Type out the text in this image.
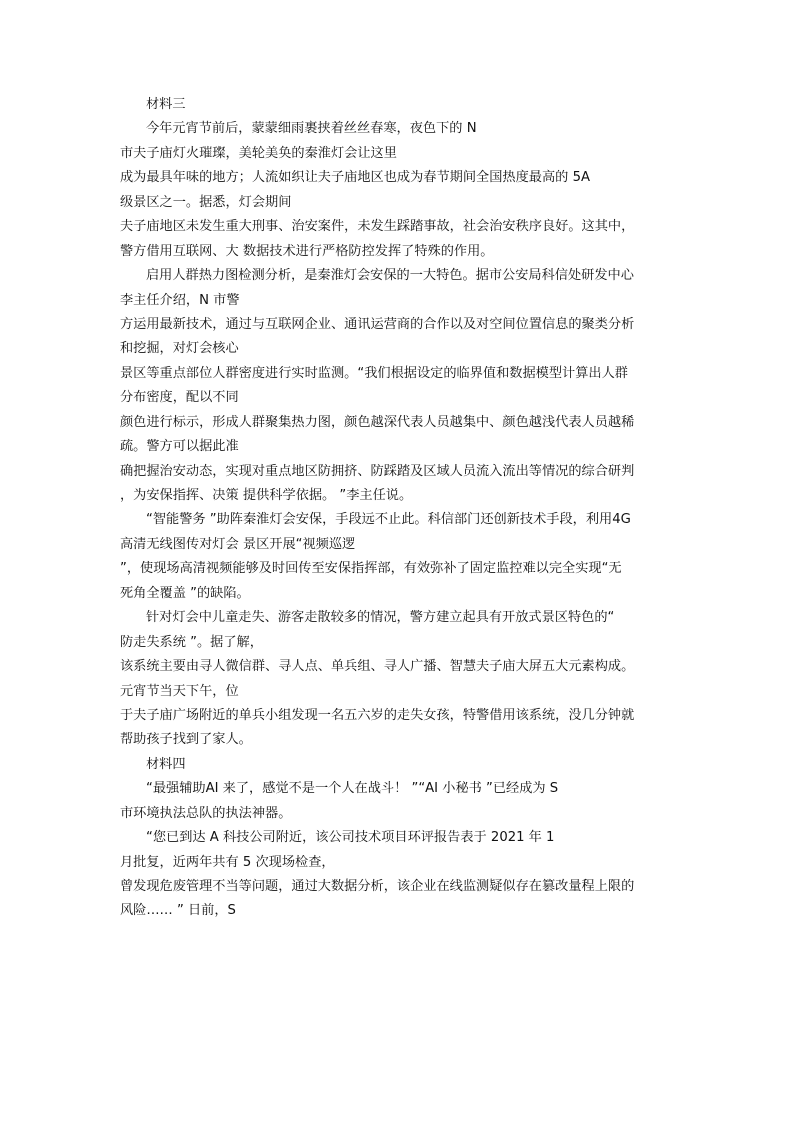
材料三
今年元宵节前后，蒙蒙细雨裹挟着丝丝春寒，夜色下的 N
市夫子庙灯火璀璨，美轮美奂的秦淮灯会让这里
成为最具年味的地方；人流如织让夫子庙地区也成为春节期间全国热度最高的 5A
级景区之一。据悉，灯会期间
夫子庙地区未发生重大刑事、治安案件，未发生踩踏事故，社会治安秩序良好。这其中，
警方借用互联网、大 数据技术进行严格防控发挥了特殊的作用。
启用人群热力图检测分析，是秦淮灯会安保的一大特色。据市公安局科信处研发中心
李主任介绍，N 市警
方运用最新技术，通过与互联网企业、通讯运营商的合作以及对空间位置信息的聚类分析
和挖掘，对灯会核心
景区等重点部位人群密度进行实时监测。“我们根据设定的临界值和数据模型计算出人群
分布密度，配以不同
颜色进行标示，形成人群聚集热力图，颜色越深代表人员越集中、颜色越浅代表人员越稀
疏。警方可以据此准
确把握治安动态，实现对重点地区防拥挤、防踩踏及区域人员流入流出等情况的综合研判
，为安保指挥、决策 提供科学依据。 ”李主任说。
“智能警务 ”助阵秦淮灯会安保，手段远不止此。科信部门还创新技术手段，利用4G
高清无线图传对灯会 景区开展“视频巡逻
”，使现场高清视频能够及时回传至安保指挥部，有效弥补了固定监控难以完全实现“无
死角全覆盖 ”的缺陷。
针对灯会中儿童走失、游客走散较多的情况，警方建立起具有开放式景区特色的“
防走失系统 ”。据了解，
该系统主要由寻人微信群、寻人点、单兵组、寻人广播、智慧夫子庙大屏五大元素构成。
元宵节当天下午，位
于夫子庙广场附近的单兵小组发现一名五六岁的走失女孩，特警借用该系统，没几分钟就
帮助孩子找到了家人。
材料四
“最强辅助AI 来了，感觉不是一个人在战斗！ ”“AI 小秘书 ”已经成为 S
市环境执法总队的执法神器。
“您已到达 A 科技公司附近，该公司技术项目环评报告表于 2021 年 1
月批复，近两年共有 5 次现场检查，
曾发现危废管理不当等问题，通过大数据分析，该企业在线监测疑似存在篡改量程上限的
风险…… ” 日前，S
